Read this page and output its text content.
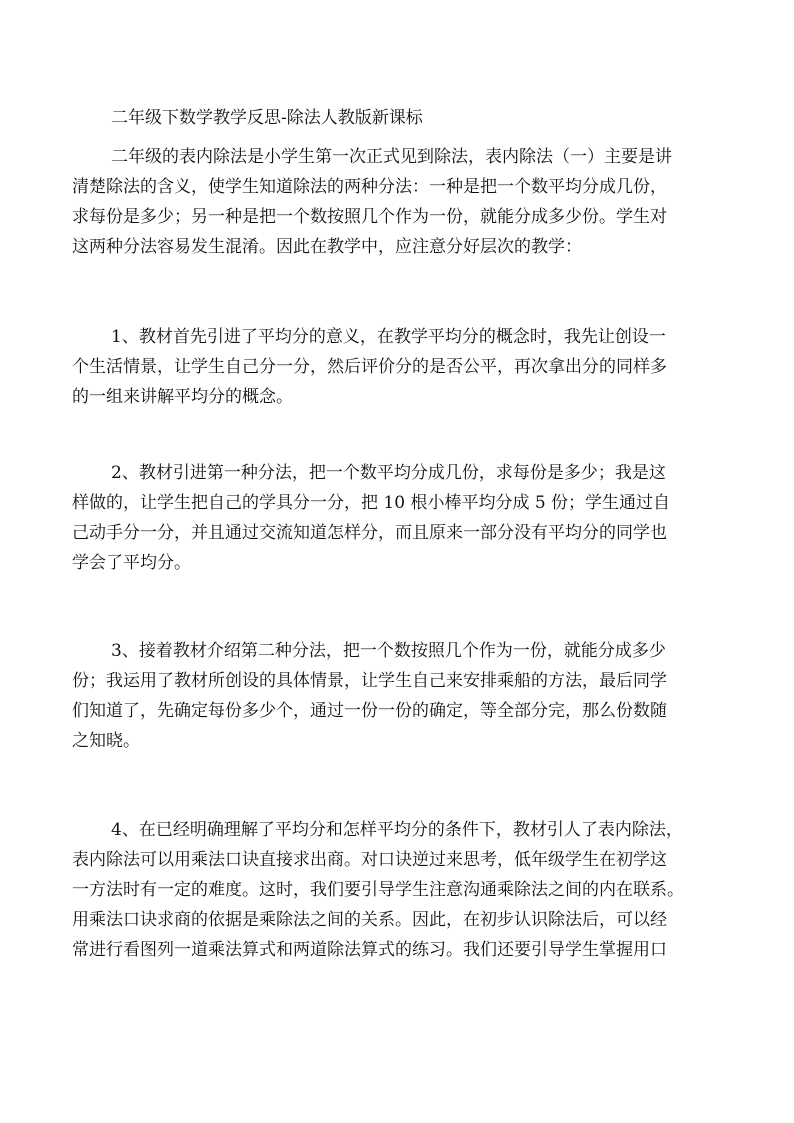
二年级下数学教学反思-除法人教版新课标
二年级的表内除法是小学生第一次正式见到除法，表内除法（一）主要是讲
清楚除法的含义，使学生知道除法的两种分法：一种是把一个数平均分成几份，
求每份是多少；另一种是把一个数按照几个作为一份，就能分成多少份。学生对
这两种分法容易发生混淆。因此在教学中，应注意分好层次的教学：
1、教材首先引进了平均分的意义，在教学平均分的概念时，我先让创设一
个生活情景，让学生自己分一分，然后评价分的是否公平，再次拿出分的同样多
的一组来讲解平均分的概念。
2、教材引进第一种分法，把一个数平均分成几份，求每份是多少；我是这
样做的，让学生把自己的学具分一分，把 10 根小棒平均分成 5 份；学生通过自
己动手分一分，并且通过交流知道怎样分，而且原来一部分没有平均分的同学也
学会了平均分。
3、接着教材介绍第二种分法，把一个数按照几个作为一份，就能分成多少
份；我运用了教材所创设的具体情景，让学生自己来安排乘船的方法，最后同学
们知道了，先确定每份多少个，通过一份一份的确定，等全部分完，那么份数随
之知晓。
4、在已经明确理解了平均分和怎样平均分的条件下，教材引人了表内除法，
表内除法可以用乘法口诀直接求出商。对口诀逆过来思考，低年级学生在初学这
一方法时有一定的难度。这时，我们要引导学生注意沟通乘除法之间的内在联系。
用乘法口诀求商的依据是乘除法之间的关系。因此，在初步认识除法后，可以经
常进行看图列一道乘法算式和两道除法算式的练习。我们还要引导学生掌握用口
